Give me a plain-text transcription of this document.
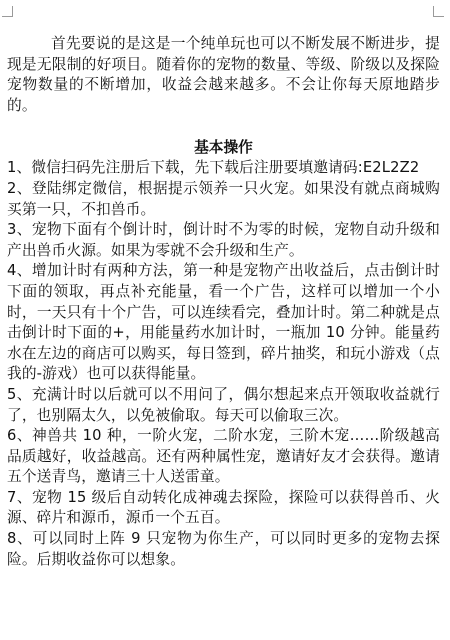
首先要说的是这是一个纯单玩也可以不断发展不断进步，提现是无限制的好项目。随着你的宠物的数量、等级、阶级以及探险宠物数量的不断增加，收益会越来越多。不会让你每天原地踏步的。

基本操作

1、微信扫码先注册后下载，先下载后注册要填邀请码:E2L2Z2

2、登陆绑定微信，根据提示领养一只火宠。如果没有就点商城购买第一只，不扣兽币。

3、宠物下面有个倒计时，倒计时不为零的时候，宠物自动升级和产出兽币火源。如果为零就不会升级和生产。

4、增加计时有两种方法，第一种是宠物产出收益后，点击倒计时下面的领取，再点补充能量，看一个广告，这样可以增加一个小时，一天只有十个广告，可以连续看完，叠加计时。第二种就是点击倒计时下面的+，用能量药水加计时，一瓶加 10 分钟。能量药水在左边的商店可以购买，每日签到，碎片抽奖，和玩小游戏（点我的-游戏）也可以获得能量。

5、充满计时以后就可以不用问了，偶尔想起来点开领取收益就行了，也别隔太久，以免被偷取。每天可以偷取三次。

6、神兽共 10 种，一阶火宠，二阶水宠，三阶木宠……阶级越高品质越好，收益越高。还有两种属性宠，邀请好友才会获得。邀请五个送青鸟，邀请三十人送雷童。

7、宠物 15 级后自动转化成神魂去探险，探险可以获得兽币、火源、碎片和源币，源币一个五百。

8、可以同时上阵 9 只宠物为你生产，可以同时更多的宠物去探险。后期收益你可以想象。
